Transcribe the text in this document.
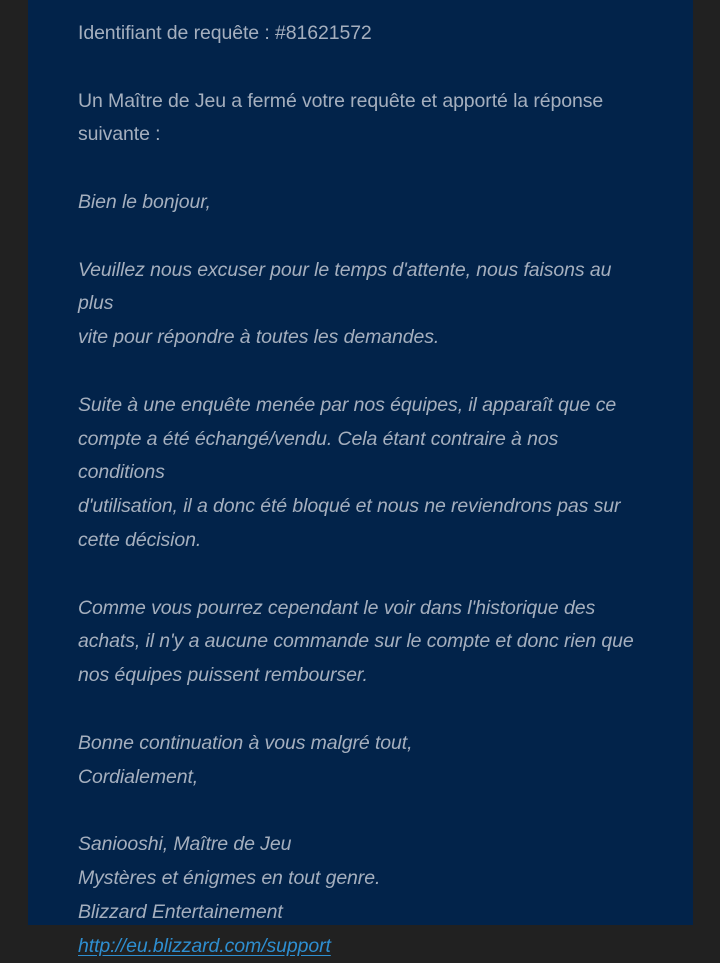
Identifiant de requête : #81621572

Un Maître de Jeu a fermé votre requête et apporté la réponse

suivante :

Bien le bonjour,

Veuillez nous excuser pour le temps d'attente, nous faisons au plus

vite pour répondre à toutes les demandes.

Suite à une enquête menée par nos équipes, il apparaît que ce

compte a été échangé/vendu. Cela étant contraire à nos conditions

d'utilisation, il a donc été bloqué et nous ne reviendrons pas sur

cette décision.

Comme vous pourrez cependant le voir dans l'historique des

achats, il n'y a aucune commande sur le compte et donc rien que

nos équipes puissent rembourser.

Bonne continuation à vous malgré tout,

Cordialement,

Saniooshi, Maître de Jeu

Mystères et énigmes en tout genre.

Blizzard Entertainement

http://eu.blizzard.com/support
